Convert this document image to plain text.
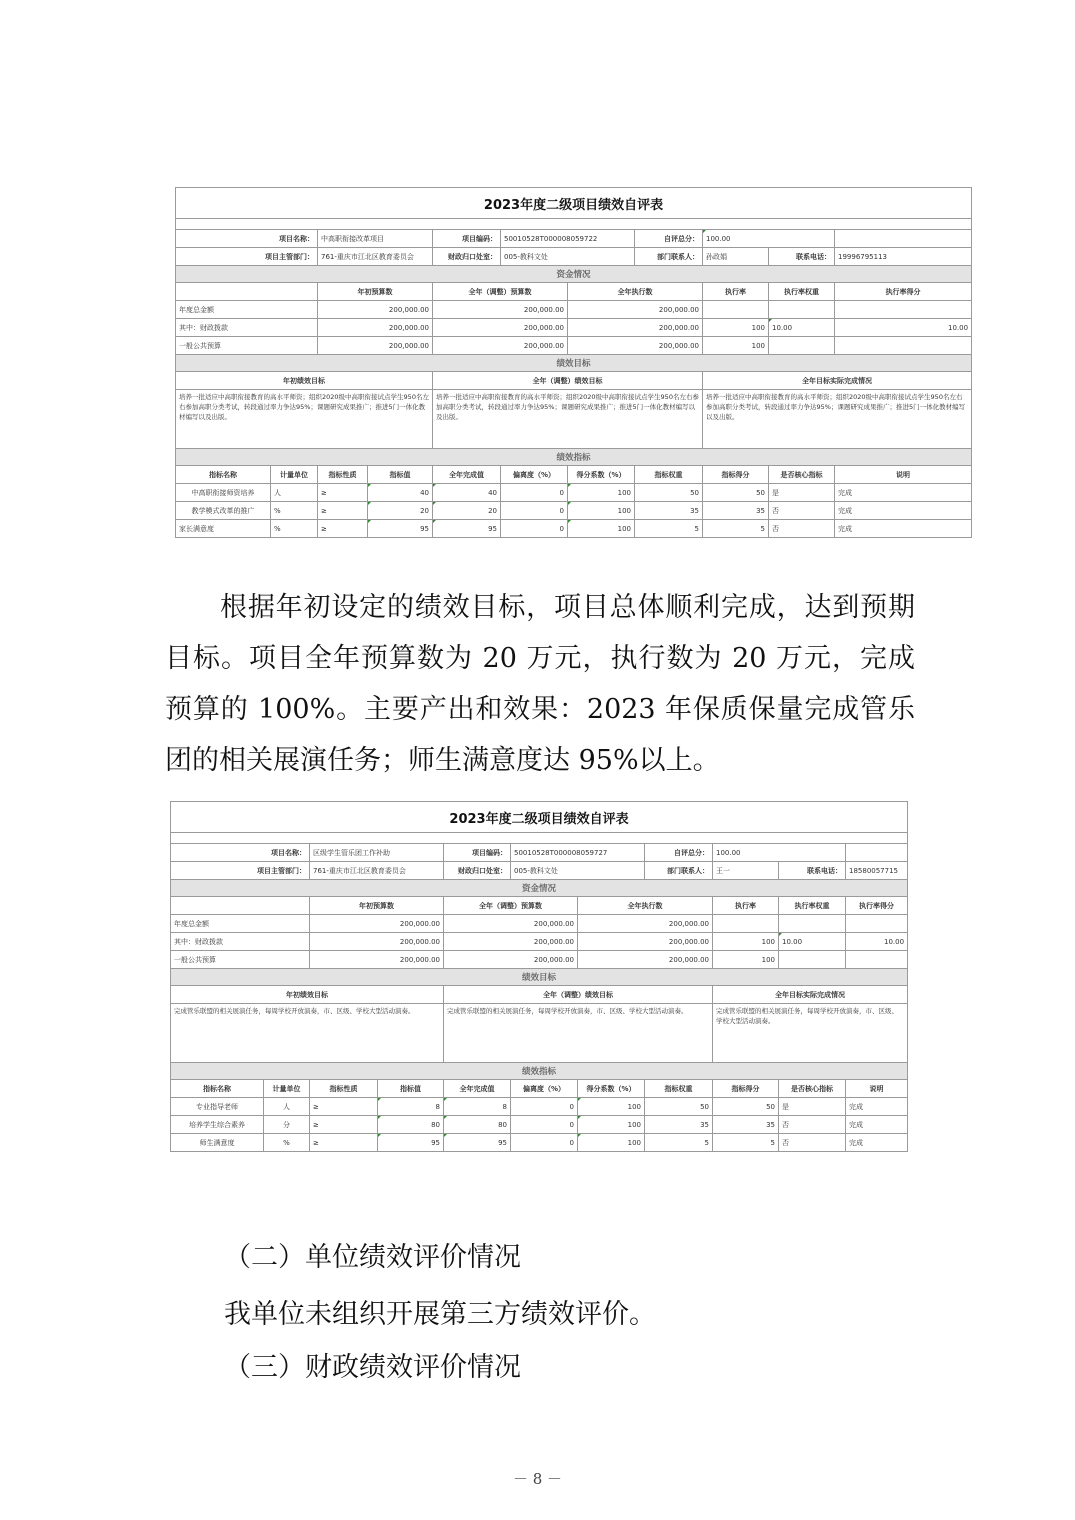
2023年度二级项目绩效自评表										

项目名称：		中高职衔接改革项目		项目编码：	50010528T000008059722		自评总分：	100.00		
项目主管部门：		761-重庆市江北区教育委员会		财政归口处室：	005-教科文处		部门联系人：	孙政娟	联系电话：	19996795113
资金情况										
		年初预算数		全年（调整）预算数		全年执行数		执行率	执行率权重	执行率得分
年度总金额		200,000.00		200,000.00		200,000.00				
其中：财政拨款		200,000.00		200,000.00		200,000.00		100	10.00	10.00
一般公共预算		200,000.00		200,000.00		200,000.00		100		
绩效目标										
年初绩效目标				全年（调整）绩效目标				全年目标实际完成情况		
培养一批适应中高职衔接教育的高水平师资；组织2020级中高职衔接试点学生950名左右参加高职分类考试，转段通过率力争达95%；课题研究成果推广；推进5门一体化教材编写以及出版。				培养一批适应中高职衔接教育的高水平师资；组织2020级中高职衔接试点学生950名左右参加高职分类考试，转段通过率力争达95%；课题研究成果推广；推进5门一体化教材编写以及出版。				培养一批适应中高职衔接教育的高水平师资；组织2020级中高职衔接试点学生950名左右参加高职分类考试，转段通过率力争达95%；课题研究成果推广；推进5门一体化教材编写以及出版。		
绩效指标										
指标名称	计量单位	指标性质	指标值	全年完成值	偏离度（%）	得分系数（%）	指标权重	指标得分	是否核心指标	说明
中高职衔接师资培养	人	≥	40	40	0	100	50	50	是	完成
教学模式改革的推广	%	≥	20	20	0	100	35	35	否	完成
家长满意度	%	≥	95	95	0	100	5	5	否	完成
根据年初设定的绩效目标，项目总体顺利完成，达到预期目标。项目全年预算数为 20 万元，执行数为 20 万元，完成预算的 100%。主要产出和效果：2023 年保质保量完成管乐团的相关展演任务；师生满意度达 95%以上。
2023年度二级项目绩效自评表										

项目名称：		区级学生管乐团工作补助		项目编码：	50010528T000008059727		自评总分：	100.00		
项目主管部门：		761-重庆市江北区教育委员会		财政归口处室：	005-教科文处		部门联系人：	王一	联系电话：	18580057715
资金情况										
		年初预算数		全年（调整）预算数		全年执行数		执行率	执行率权重	执行率得分
年度总金额		200,000.00		200,000.00		200,000.00				
其中：财政拨款		200,000.00		200,000.00		200,000.00		100	10.00	10.00
一般公共预算		200,000.00		200,000.00		200,000.00		100		
绩效目标										
年初绩效目标				全年（调整）绩效目标				全年目标实际完成情况		
完成管乐联盟的相关展演任务，每周学校开放演奏，市、区级、学校大型活动演奏。				完成管乐联盟的相关展演任务，每周学校开放演奏，市、区级、学校大型活动演奏。				完成管乐联盟的相关展演任务，每周学校开放演奏，市、区级、学校大型活动演奏。		
绩效指标										
指标名称	计量单位	指标性质	指标值	全年完成值	偏离度（%）	得分系数（%）	指标权重	指标得分	是否核心指标	说明
专业指导老师	人	≥	8	8	0	100	50	50	是	完成
培养学生综合素养	分	≥	80	80	0	100	35	35	否	完成
师生满意度	%	≥	95	95	0	100	5	5	否	完成
（二）单位绩效评价情况
我单位未组织开展第三方绩效评价。
（三）财政绩效评价情况
－ 8 －
